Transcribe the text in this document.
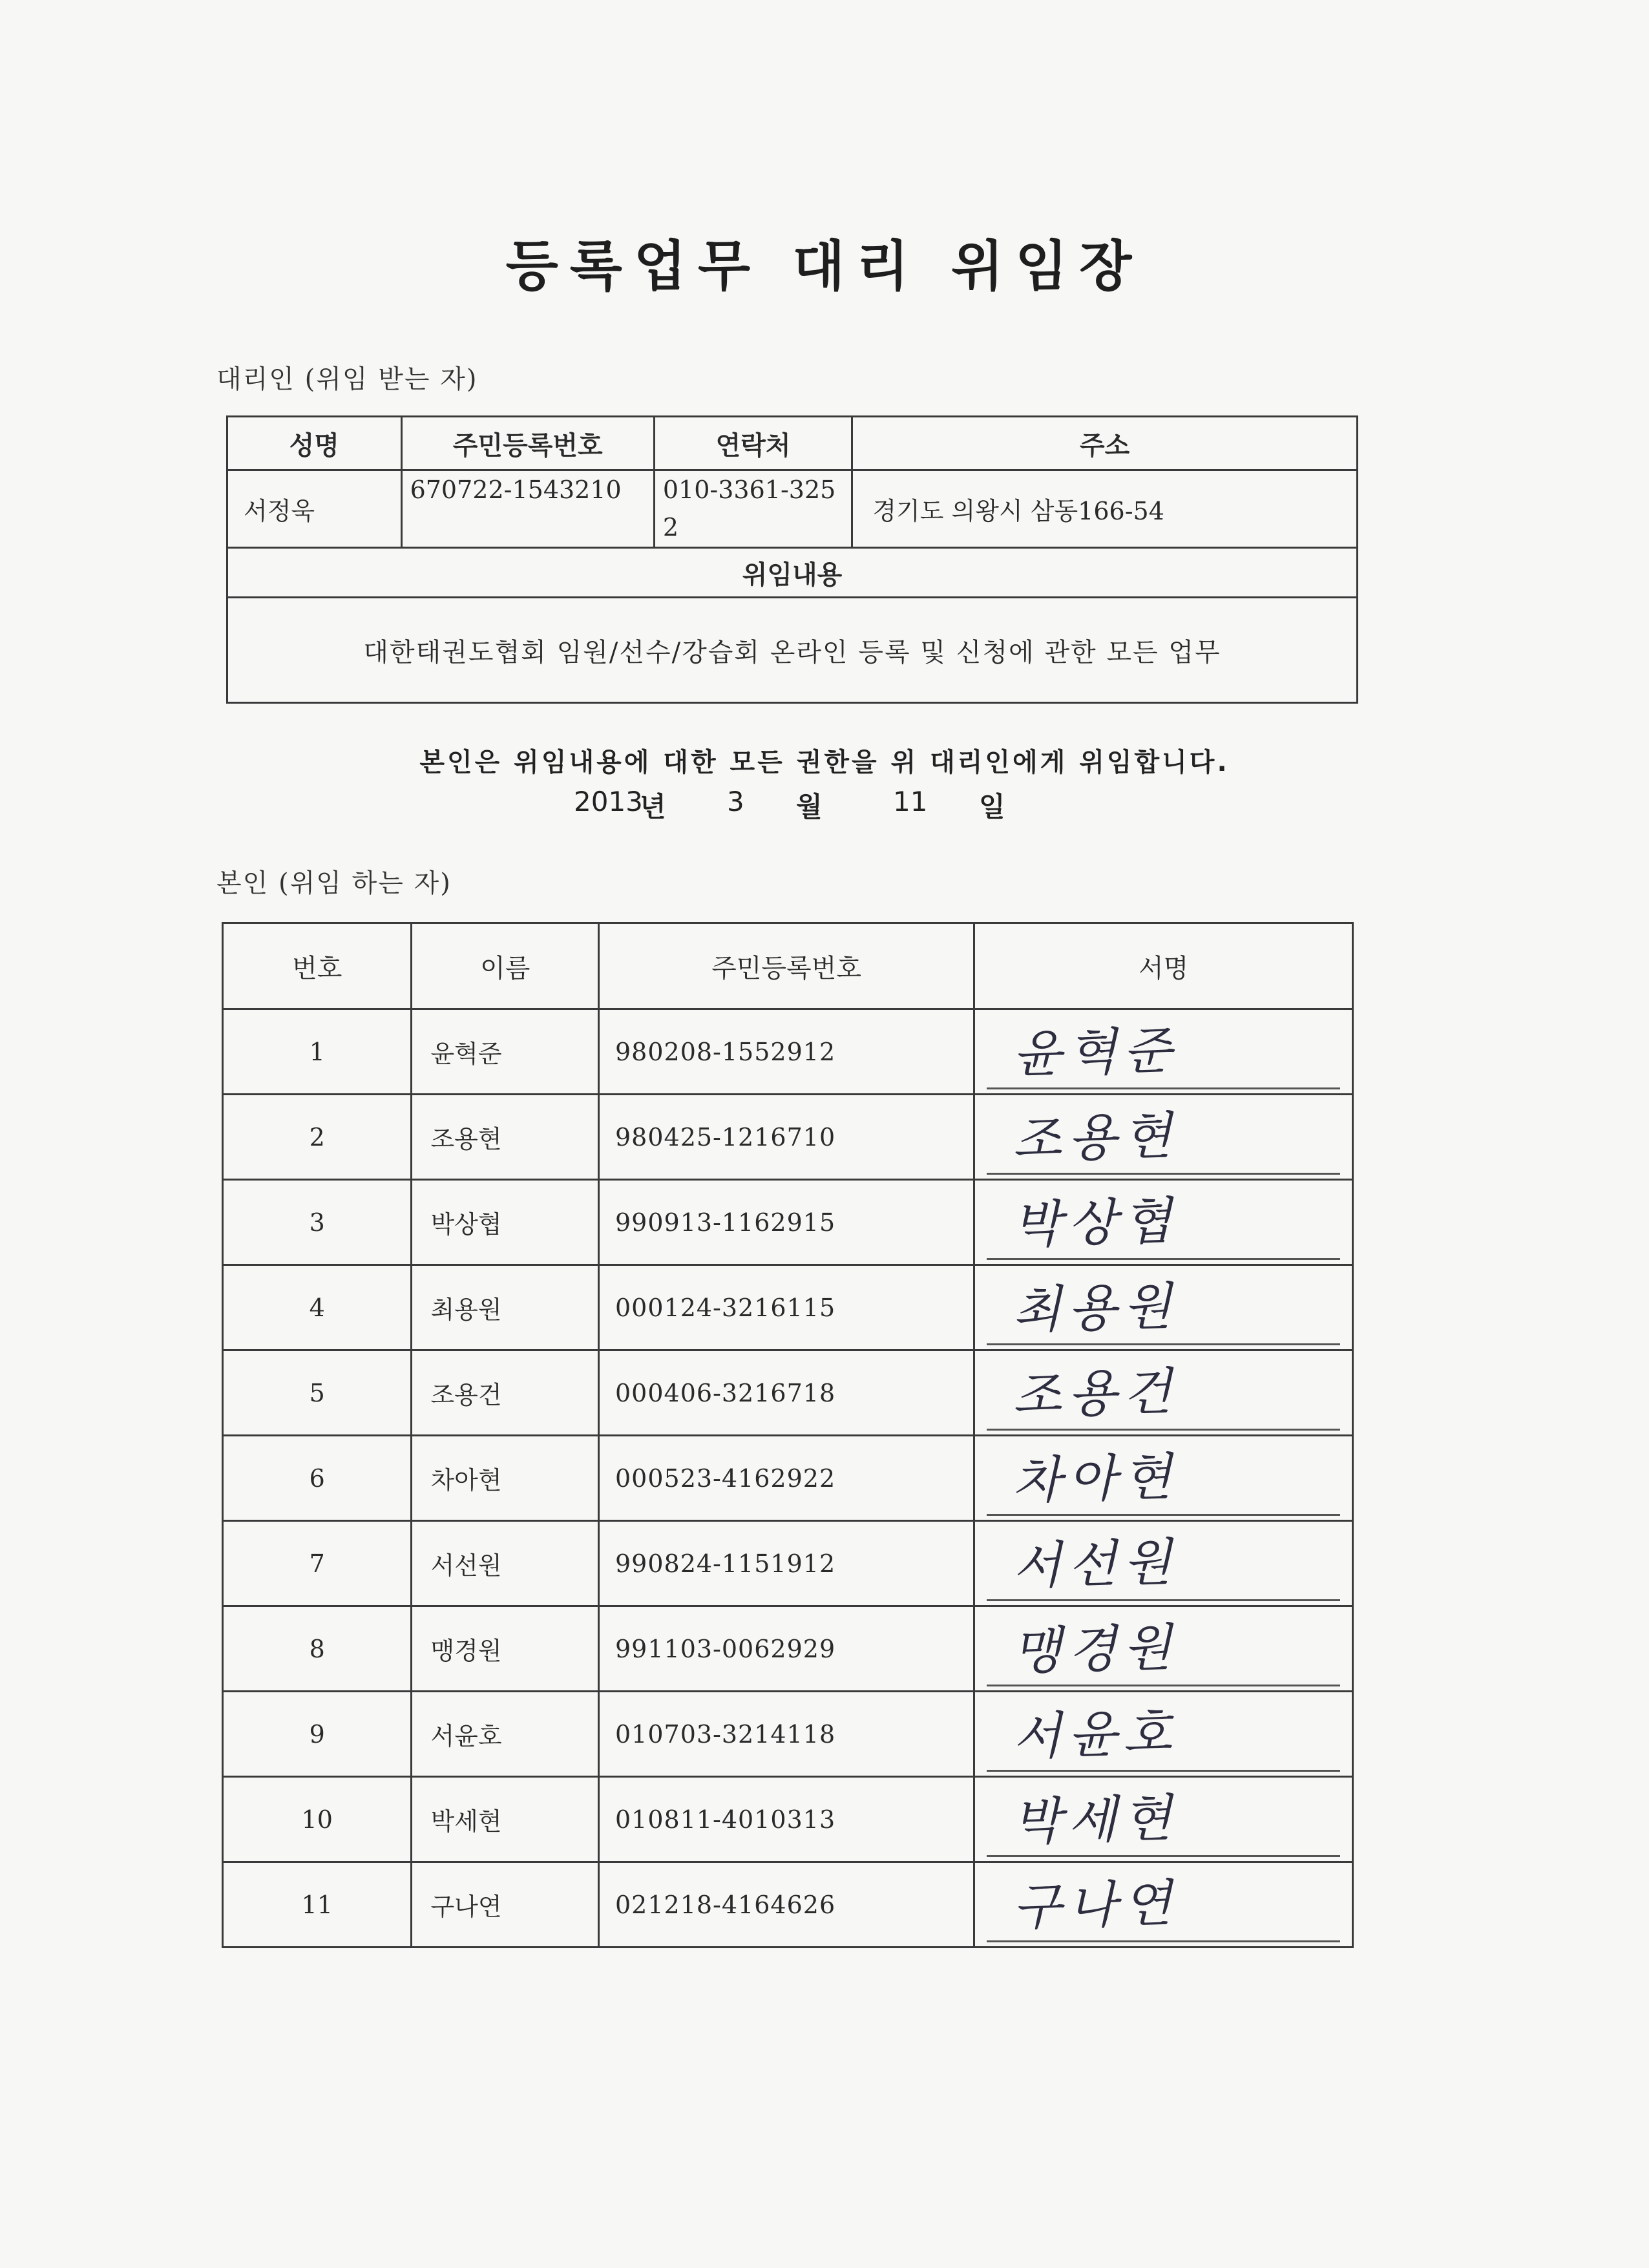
등록업무 대리 위임장
대리인 (위임 받는 자)
성명	주민등록번호	연락처	주소
서정욱	670722-1543210	010-3361-3252	경기도 의왕시 삼동166-54
위임내용			
대한태권도협회 임원/선수/강습회 온라인 등록 및 신청에 관한 모든 업무			
본인은 위임내용에 대한 모든 권한을 위 대리인에게 위임합니다.
2013
년 3 월	11 일
본인 (위임 하는 자)
번호	이름	주민등록번호	서명
1	윤혁준	980208-1552912	윤혁준

2	조용현	980425-1216710	조용현

3	박상협	990913-1162915	박상협

4	최용원	000124-3216115	최용원

5	조용건	000406-3216718	조용건

6	차아현	000523-4162922	차아현

7	서선원	990824-1151912	서선원

8	맹경원	991103-0062929	맹경원

9	서윤호	010703-3214118	서윤호

10	박세현	010811-4010313	박세현

11	구나연	021218-4164626	구나연
